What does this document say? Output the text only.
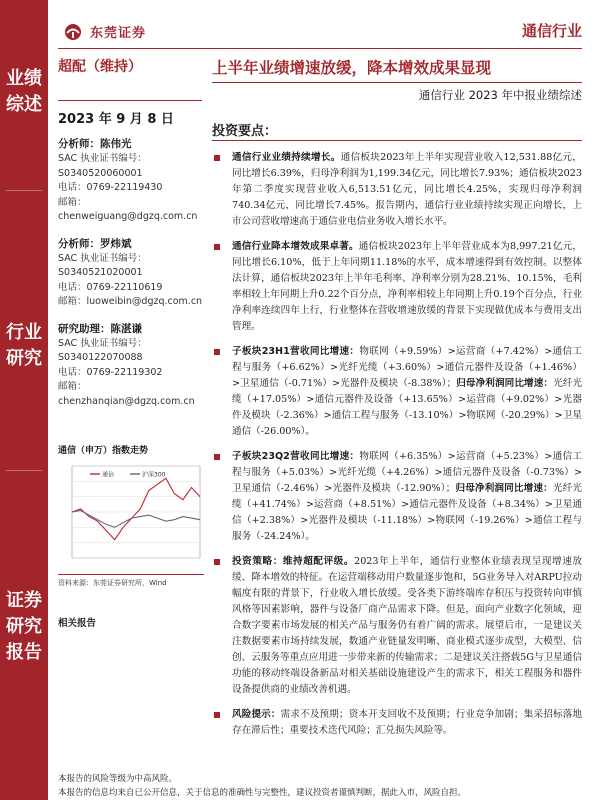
业绩综述
行业研究
证券研究报告
东莞证券	通信行业
超配（维持）	上半年业绩增速放缓，降本增效成果显现
通信行业 2023 年中报业绩综述
2023 年 9 月 8 日
分析师：陈伟光
SAC 执业证书编号：
S0340520060001
电话：0769-22119430
邮箱：
chenweiguang@dgzq.com.cn
分析师：罗炜斌
SAC 执业证书编号：
S0340521020001
电话：0769-22110619
邮箱：luoweibin@dgzq.com.cn
研究助理：陈湛谦
SAC 执业证书编号：
S0340122070088
电话：0769-22119302
邮箱：
chenzhanqian@dgzq.com.cn
通信（申万）指数走势
通信	沪深300
资料来源：东莞证券研究所，Wind
相关报告
投资要点：
通信行业业绩持续增长。通信板块2023年上半年实现营业收入12,531.88亿元，同比增长6.39%，归母净利润为1,199.34亿元，同比增长7.93%；通信板块2023年第二季度实现营业收入6,513.51亿元，同比增长4.25%，实现归母净利润740.34亿元，同比增长7.45%。报告期内，通信行业业绩持续实现正向增长，上市公司营收增速高于通信业电信业务收入增长水平。
通信行业降本增效成果卓著。通信板块2023年上半年营业成本为8,997.21亿元，同比增长6.10%，低于上年同期11.18%的水平，成本增速得到有效控制。以整体法计算，通信板块2023年上半年毛利率、净利率分别为28.21%、10.15%，毛利率相较上年同期上升0.22个百分点，净利率相较上年同期上升0.19个百分点，行业净利率连续四年上行，行业整体在营收增速放缓的背景下实现做优成本与费用支出管理。
子板块23H1营收同比增速：物联网（+9.59%）>运营商（+7.42%）>通信工程与服务（+6.62%）>光纤光缆（+3.60%）>通信元器件及设备（+1.46%）>卫星通信（-0.71%）>光器件及模块（-8.38%）；归母净利润同比增速：光纤光缆（+17.05%）>通信元器件及设备（+13.65%）>运营商（+9.02%）>光器件及模块（-2.36%）>通信工程与服务（-13.10%）>物联网（-20.29%）>卫星通信（-26.00%）。
子板块23Q2营收同比增速：物联网（+6.35%）>运营商（+5.23%）>通信工程与服务（+5.03%）>光纤光缆（+4.26%）>通信元器件及设备（-0.73%）>卫星通信（-2.46%）>光器件及模块（-12.90%）；归母净利润同比增速：光纤光缆（+41.74%）>运营商（+8.51%）>通信元器件及设备（+8.34%）>卫星通信（+2.38%）>光器件及模块（-11.18%）>物联网（-19.26%）>通信工程与服务（-24.24%）。
投资策略：维持超配评级。2023年上半年，通信行业整体业绩表现呈现增速放缓、降本增效的特征。在运营端移动用户数量逐步饱和，5G业务导入对ARPU拉动幅度有限的背景下，行业收入增长放缓。受各类下游终端库存积压与投资转向审慎风格等因素影响，器件与设备厂商产品需求下降。但是，面向产业数字化领域，迎合数字要素市场发展的相关产品与服务仍有着广阔的需求。展望后市，一是建议关注数据要素市场持续发展，数通产业链量发明晰、商业模式逐步成型，大模型、信创、云服务等重点应用进一步带来新的传输需求；二是建议关注搭载5G与卫星通信功能的移动终端设备新品对相关基础设施建设产生的需求下，相关工程服务和器件设备提供商的业绩改善机遇。
风险提示：需求不及预期；资本开支回收不及预期；行业竞争加剧；集采招标落地存在滞后性；重要技术迭代风险；汇兑损失风险等。
本报告的风险等级为中高风险。
本报告的信息均来自已公开信息，关于信息的准确性与完整性，建议投资者谨慎判断，据此入市，风险自担。
